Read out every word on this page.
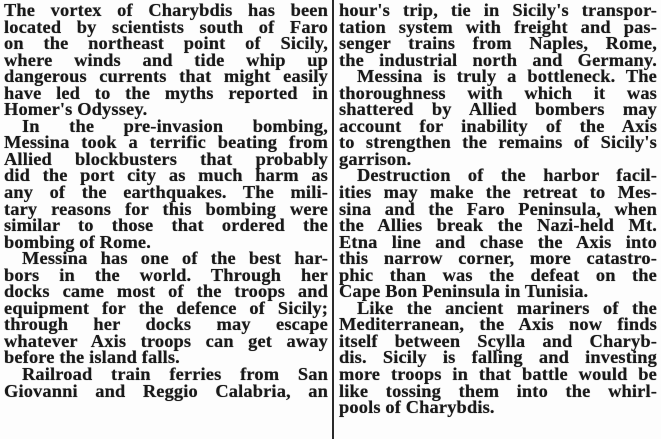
The vortex of Charybdis has been
located by scientists south of Faro
on the northeast point of Sicily,
where winds and tide whip up
dangerous currents that might easily
have led to the myths reported in
Homer's Odyssey.
In the pre-invasion bombing,
Messina took a terrific beating from
Allied blockbusters that probably
did the port city as much harm as
any of the earthquakes. The mili-
tary reasons for this bombing were
similar to those that ordered the
bombing of Rome.
Messina has one of the best har-
bors in the world. Through her
docks came most of the troops and
equipment for the defence of Sicily;
through her docks may escape
whatever Axis troops can get away
before the island falls.
Railroad train ferries from San
Giovanni and Reggio Calabria, an
hour's trip, tie in Sicily's transpor-
tation system with freight and pas-
senger trains from Naples, Rome,
the industrial north and Germany.
Messina is truly a bottleneck. The
thoroughness with which it was
shattered by Allied bombers may
account for inability of the Axis
to strengthen the remains of Sicily's
garrison.
Destruction of the harbor facil-
ities may make the retreat to Mes-
sina and the Faro Peninsula, when
the Allies break the Nazi-held Mt.
Etna line and chase the Axis into
this narrow corner, more catastro-
phic than was the defeat on the
Cape Bon Peninsula in Tunisia.
Like the ancient mariners of the
Mediterranean, the Axis now finds
itself between Scylla and Charyb-
dis. Sicily is falling and investing
more troops in that battle would be
like tossing them into the whirl-
pools of Charybdis.
